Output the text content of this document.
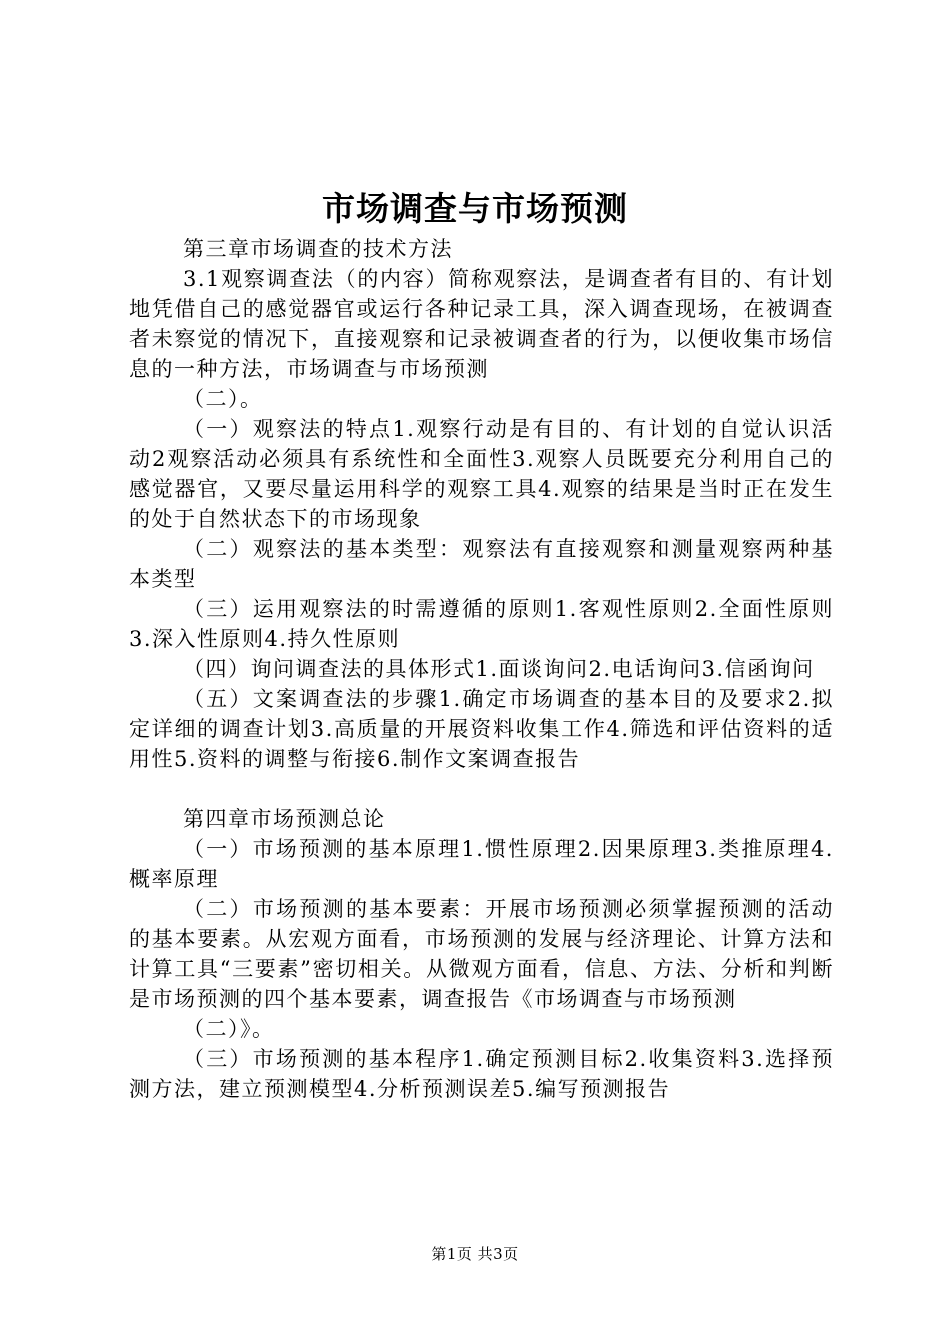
市场调查与市场预测

第三章市场调查的技术方法

3.1观察调查法（的内容）简称观察法，是调查者有目的、有计划地凭借自己的感觉器官或运行各种记录工具，深入调查现场，在被调查者未察觉的情况下，直接观察和记录被调查者的行为，以便收集市场信息的一种方法，市场调查与市场预测

（二）。

（一）观察法的特点1.观察行动是有目的、有计划的自觉认识活动2观察活动必须具有系统性和全面性3.观察人员既要充分利用自己的感觉器官，又要尽量运用科学的观察工具4.观察的结果是当时正在发生的处于自然状态下的市场现象

（二）观察法的基本类型：观察法有直接观察和测量观察两种基本类型

（三）运用观察法的时需遵循的原则1.客观性原则2.全面性原则3.深入性原则4.持久性原则

（四）询问调查法的具体形式1.面谈询问2.电话询问3.信函询问

（五）文案调查法的步骤1.确定市场调查的基本目的及要求2.拟定详细的调查计划3.高质量的开展资料收集工作4.筛选和评估资料的适用性5.资料的调整与衔接6.制作文案调查报告

第四章市场预测总论

（一）市场预测的基本原理1.惯性原理2.因果原理3.类推原理4.概率原理

（二）市场预测的基本要素：开展市场预测必须掌握预测的活动的基本要素。从宏观方面看，市场预测的发展与经济理论、计算方法和计算工具“三要素”密切相关。从微观方面看，信息、方法、分析和判断是市场预测的四个基本要素，调查报告《市场调查与市场预测

（二）》。

（三）市场预测的基本程序1.确定预测目标2.收集资料3.选择预测方法，建立预测模型4.分析预测误差5.编写预测报告

第1页 共3页
